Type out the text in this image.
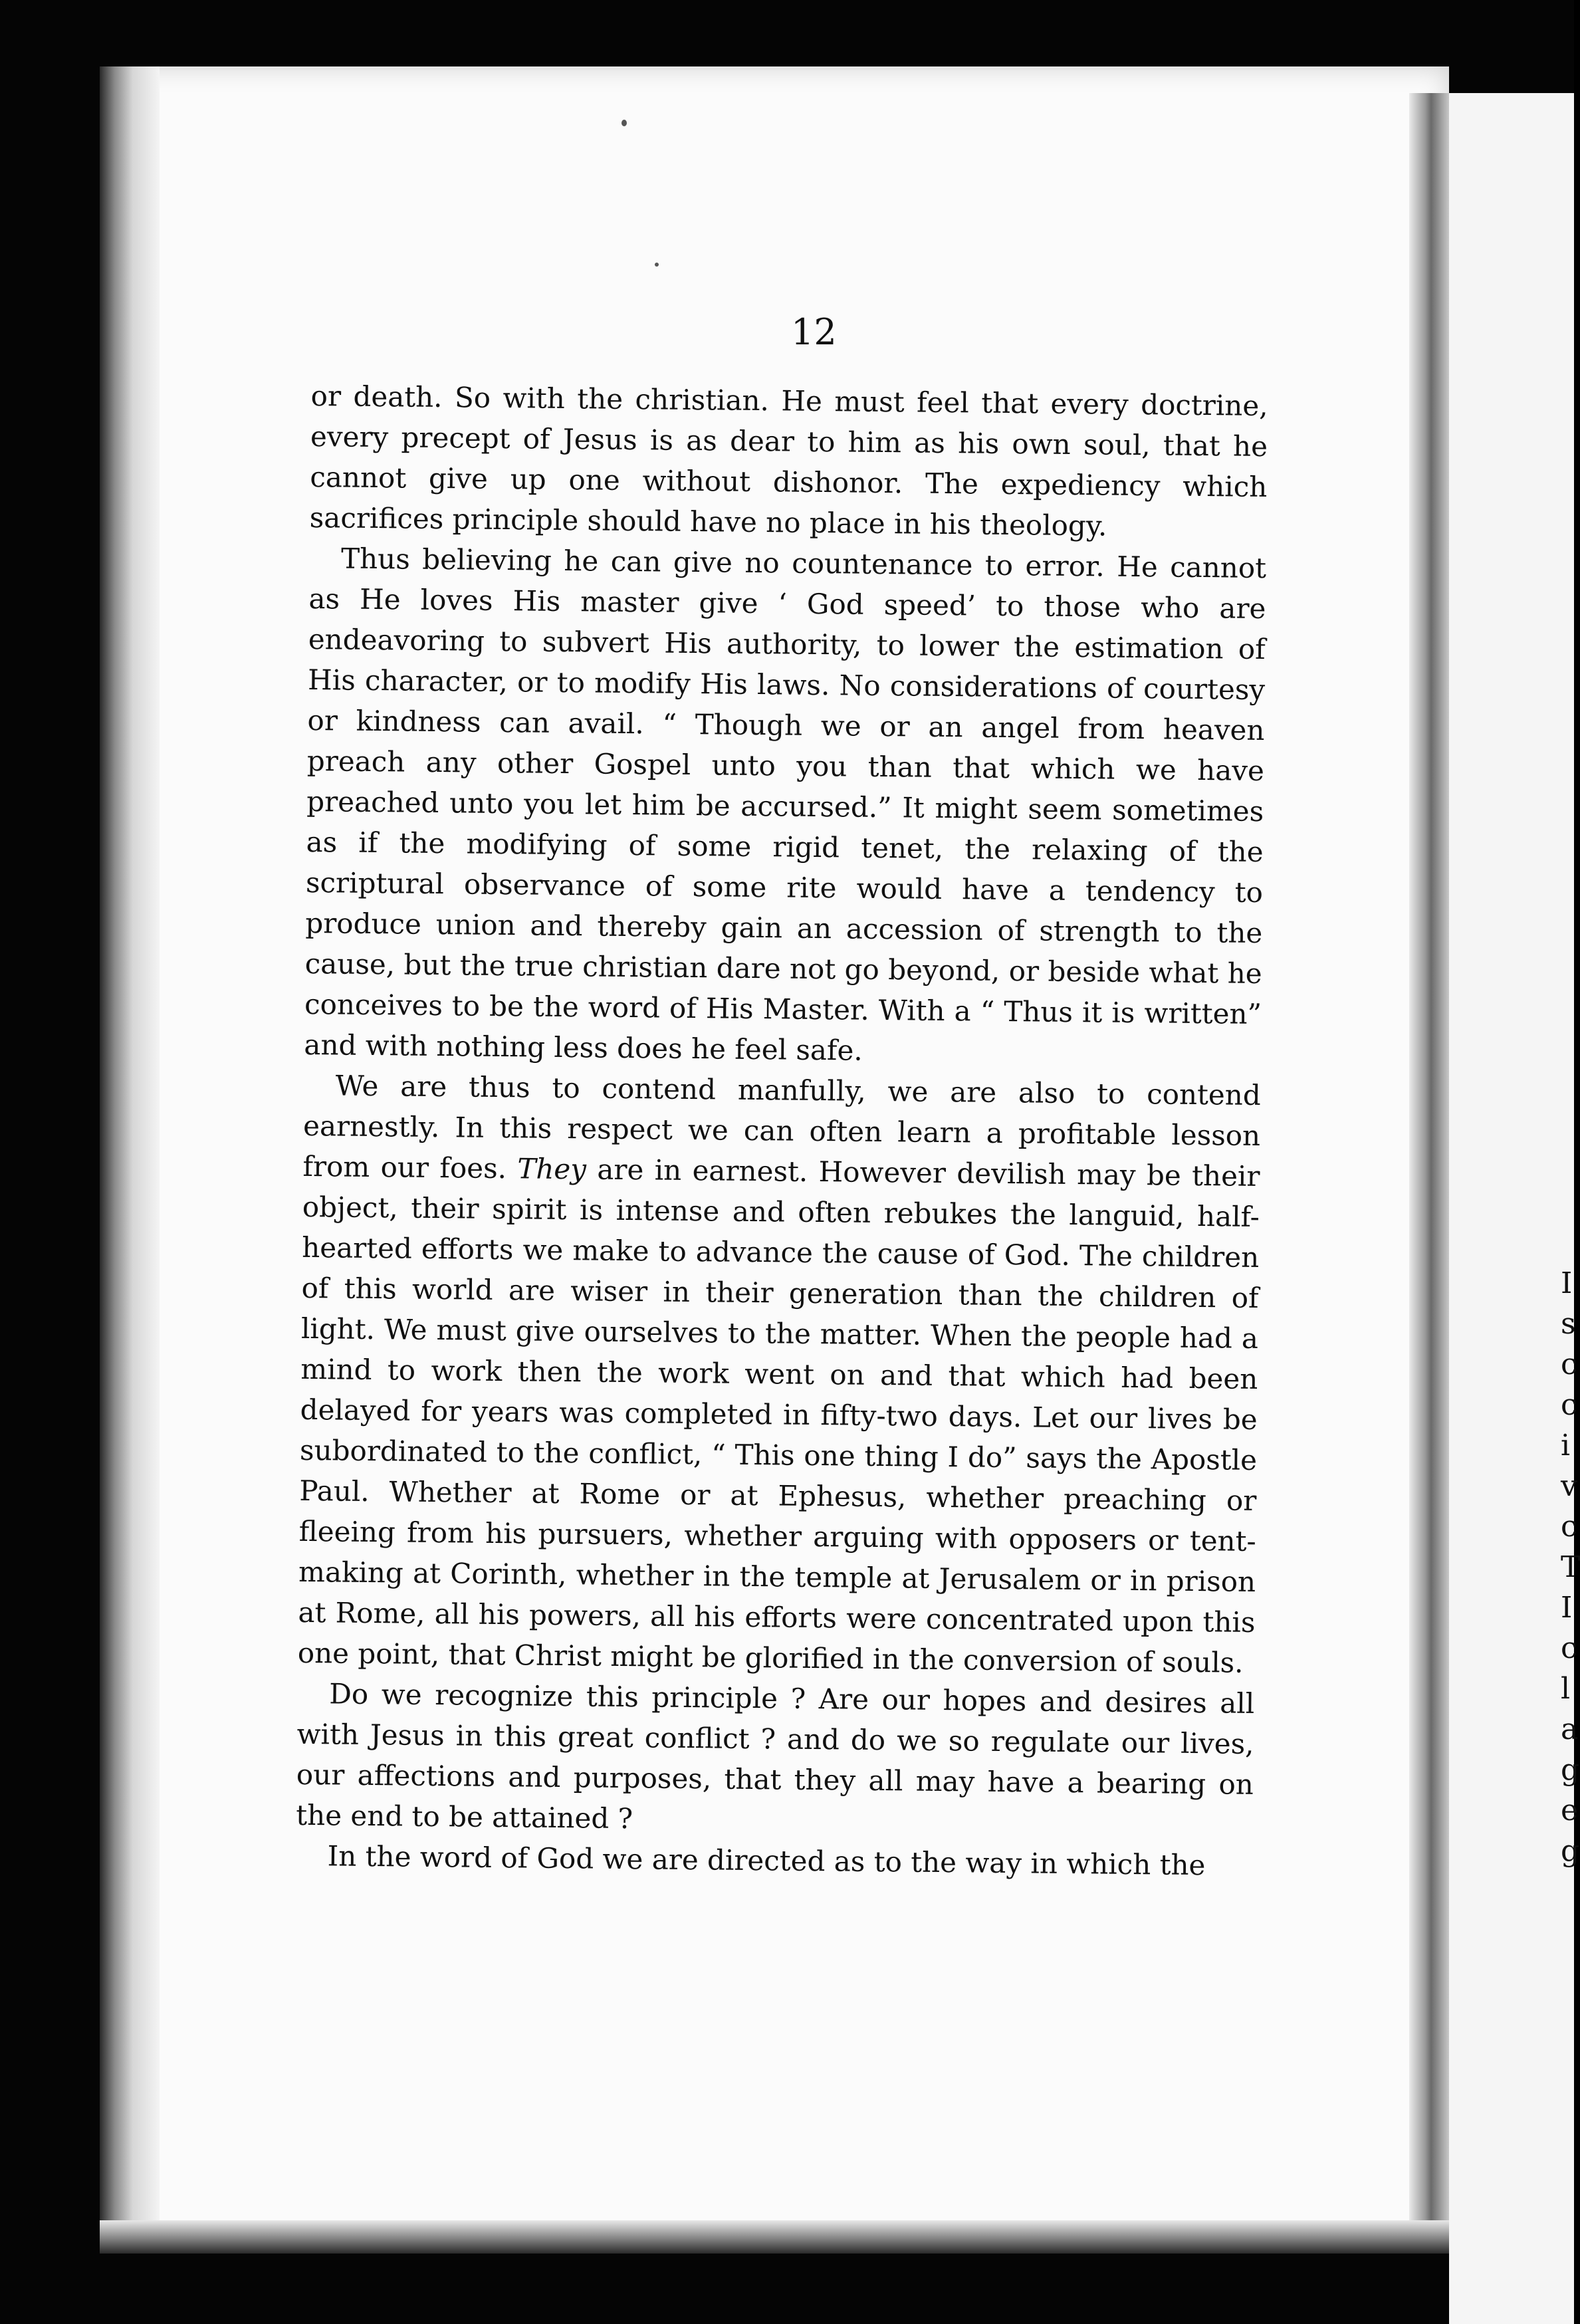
I
s
c
c
i
v
c
T
I
c
l
a
g
e
g
12

or death. So with the christian. He must feel that every doctrine, every precept of Jesus is as dear to him as his own soul, that he cannot give up one without dishonor. The expediency which sacrifices principle should have no place in his theology.

Thus believing he can give no countenance to error. He cannot as He loves His master give ‘ God speed’ to those who are endeavoring to subvert His authority, to lower the estimation of His character, or to modify His laws. No considerations of courtesy or kindness can avail. “ Though we or an angel from heaven preach any other Gospel unto you than that which we have preached unto you let him be accursed.” It might seem sometimes as if the modifying of some rigid tenet, the relaxing of the scriptural observance of some rite would have a tendency to produce union and thereby gain an accession of strength to the cause, but the true christian dare not go beyond, or beside what he conceives to be the word of His Master. With a “ Thus it is written” and with nothing less does he feel safe.

We are thus to contend manfully, we are also to contend earnestly. In this respect we can often learn a profitable lesson from our foes. They are in earnest. However devilish may be their object, their spirit is intense and often rebukes the languid, half-hearted efforts we make to advance the cause of God. The children of this world are wiser in their generation than the children of light. We must give ourselves to the matter. When the people had a mind to work then the work went on and that which had been delayed for years was completed in fifty-two days. Let our lives be subordinated to the conflict, “ This one thing I do” says the Apostle Paul. Whether at Rome or at Ephesus, whether preaching or fleeing from his pursuers, whether arguing with opposers or tent-making at Corinth, whether in the temple at Jerusalem or in prison at Rome, all his powers, all his efforts were concentrated upon this one point, that Christ might be glorified in the conversion of souls.

Do we recognize this principle ? Are our hopes and desires all with Jesus in this great conflict ? and do we so regulate our lives, our affections and purposes, that they all may have a bearing on the end to be attained ?

In the word of God we are directed as to the way in which the
